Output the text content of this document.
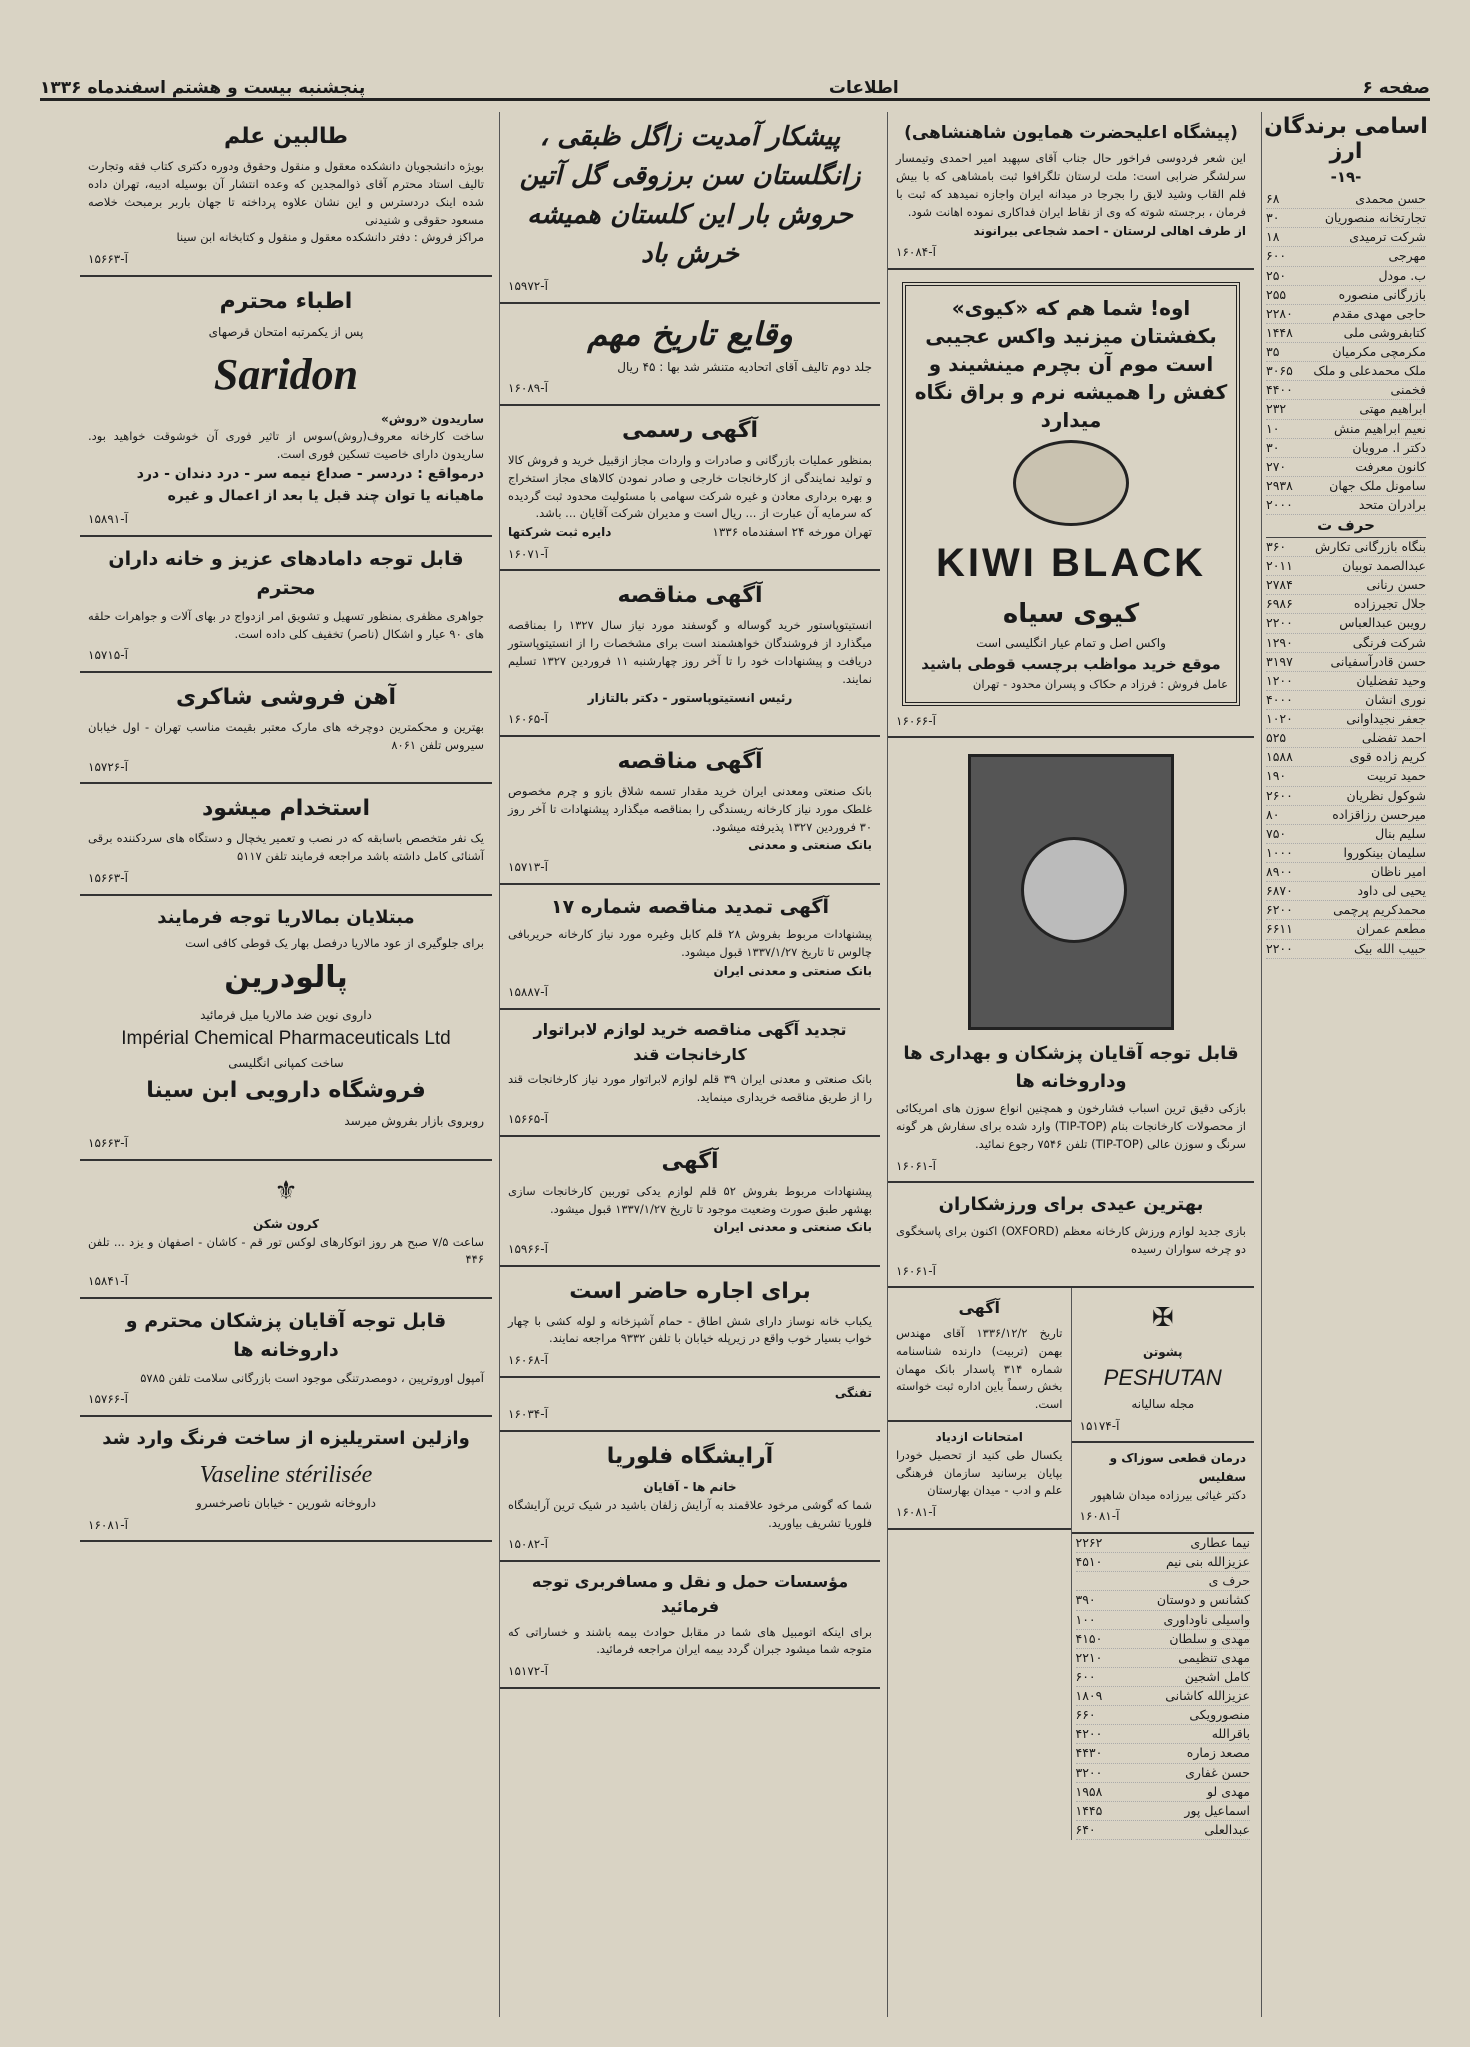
صفحه ۶
اطلاعات
پنجشنبه بیست و هشتم اسفندماه ۱۳۳۶
اسامی برندگان ارز
-۱۹-
حسن محمدی
۶۸
تجارتخانه منصوریان
۳۰
شرکت ترمیدی
۱۸
مهرجی
۶۰۰
ب. مودل
۲۵۰
بازرگانی منصوره
۲۵۵
حاجی مهدی مقدم
۲۲۸۰
کتابفروشی ملی
۱۴۴۸
مکرمچی مکرمیان
۳۵
ملک محمدعلی و ملک
۳۰۶۵
فخمنی
۴۴۰۰
ابراهیم مهتی
۲۳۲
نعیم ابراهیم منش
۱۰
دکتر ا. مرویان
۳۰
کانون معرفت
۲۷۰
سامونل ملک جهان
۲۹۳۸
برادران متحد
۲۰۰۰
حرف ت
بنگاه بازرگانی تکارش
۳۶۰
عبدالصمد توبیان
۲۰۱۱
حسن رنانی
۲۷۸۴
جلال تجیرزاده
۶۹۸۶
رویبن عبدالعباس
۲۲۰۰
شرکت فرنگی
۱۲۹۰
حسن قادرآسفیانی
۳۱۹۷
وحید تفضلیان
۱۲۰۰
نوری انشان
۴۰۰۰
جعفر نجیداوانی
۱۰۲۰
احمد تفضلی
۵۲۵
کریم زاده قوی
۱۵۸۸
حمید تربیت
۱۹۰
شوکول نظریان
۲۶۰۰
میرحسن رزاقزاده
۸۰
سلیم بنال
۷۵۰
سلیمان بینکوروا
۱۰۰۰
امیر ناظان
۸۹۰۰
یحیی لی داود
۶۸۷۰
محمدکریم پرچمی
۶۲۰۰
مطعم عمران
۶۶۱۱
حبیب الله بیک
۲۲۰۰
(پیشگاه اعلیحضرت همایون شاهنشاهی)
این شعر فردوسی فراخور حال جناب آقای سپهبد امیر احمدی وتیمسار سرلشگر ضرابی است: ملت لرستان تلگرافوا ثبت بامشاهی که با بیش فلم القاب وشید لایق را بجرجا در میدانه ایران واجازه نمیدهد که ثبت با فرمان ، برجسته شوته که وی از نقاط ایران فداکاری نموده اهانت شود.
از طرف اهالی لرستان - احمد شجاعی بیرانوند
آ-۱۶۰۸۴
اوه! شما هم که «کیوی» بکفشتان میزنید واکس عجیبی است موم آن بچرم مینشیند و کفش را همیشه نرم و براق نگاه میدارد
KIWI BLACK
کیوی سیاه
واکس اصل و تمام عیار انگلیسی است
موقع خرید مواظب برچسب قوطی باشید
عامل فروش : فرزاد م حکاک و پسران محدود - تهران
آ-۱۶۰۶۶
قابل توجه آقایان پزشکان و بهداری ها وداروخانه ها
بازکی دقیق ترین اسباب فشارخون و همچنین انواع سوزن های امریکائی از محصولات کارخانجات بنام (TIP-TOP) وارد شده برای سفارش هر گونه سرنگ و سوزن عالی (TIP-TOP) تلفن ۷۵۴۶ رجوع نمائید.
آ-۱۶۰۶۱
بهترین عیدی برای ورزشکاران
بازی جدید لوازم ورزش کارخانه معظم (OXFORD) اکنون برای پاسخگوی دو چرخه سواران رسیده
آ-۱۶۰۶۱
✠
پشوتن
PESHUTAN
مجله سالیانه
آ-۱۵۱۷۴
درمان قطعی سوزاک و سفلیس
دکتر غیاثی بیرزاده میدان شاهپور
آ-۱۶۰۸۱
نیما عطاری
۲۲۶۲
عزیزالله بنی نیم
۴۵۱۰
حرف ی
کشانس و دوستان
۳۹۰
واسیلی ناوداوری
۱۰۰
مهدی و سلطان
۴۱۵۰
مهدی تنظیمی
۲۲۱۰
کامل اشجین
۶۰۰
عزیزالله کاشانی
۱۸۰۹
منصورویکی
۶۶۰
باقرالله
۴۲۰۰
مصعد زماره
۴۴۳۰
حسن غفاری
۳۲۰۰
مهدی لو
۱۹۵۸
اسماعیل پور
۱۴۴۵
عبدالعلی
۶۴۰
آگهی
تاریخ ۱۳۳۶/۱۲/۲ آقای مهندس بهمن (تربیت) دارنده شناسنامه شماره ۳۱۴ پاسدار بانک مهمان بخش رسماً باین اداره ثبت خواسته است.
امتحانات ازدیاد
یکسال طی کنید از تحصیل خودرا بپایان برسانید سازمان فرهنگی علم و ادب - میدان بهارستان
آ-۱۶۰۸۱
پیشکار آمدیت زاگل ظبقی ، زانگلستان سن برزوقی گل آتین حروش بار این کلستان همیشه خرش باد
آ-۱۵۹۷۲
وقایع تاریخ مهم
جلد دوم تالیف آقای اتحادیه متنشر شد بها : ۴۵ ریال
آ-۱۶۰۸۹
آگهی رسمی
بمنظور عملیات بازرگانی و صادرات و واردات مجاز ازقبیل خرید و فروش کالا و تولید نمایندگی از کارخانجات خارجی و صادر نمودن کالاهای مجاز استخراج و بهره برداری معادن و غیره شرکت سهامی با مسئولیت محدود ثبت گردیده که سرمایه آن عبارت از ... ریال است و مدیران شرکت آقایان ... باشد.
تهران مورخه ۲۴ اسفندماه ۱۳۳۶
دایره ثبت شرکتها
آ-۱۶۰۷۱
آگهی مناقصه
انستیتوپاستور خرید گوساله و گوسفند مورد نیاز سال ۱۳۲۷ را بمناقصه میگذارد از فروشندگان خواهشمند است برای مشخصات را از انستیتوپاستور دریافت و پیشنهادات خود را تا آخر روز چهارشنبه ۱۱ فروردین ۱۳۲۷ تسلیم نمایند.
رئیس انستیتوپاستور - دکتر بالتازار
آ-۱۶۰۶۵
آگهی مناقصه
بانک صنعتی ومعدنی ایران خرید مقدار تسمه شلاق بازو و چرم مخصوص غلطک مورد نیاز کارخانه ریسندگی را بمناقصه میگذارد پیشنهادات تا آخر روز ۳۰ فروردین ۱۳۲۷ پذیرفته میشود.
بانک صنعتی و معدنی
آ-۱۵۷۱۳
آگهی تمدید مناقصه شماره ۱۷
پیشنهادات مربوط بفروش ۲۸ قلم کابل وغیره مورد نیاز کارخانه حریربافی چالوس تا تاریخ ۱۳۳۷/۱/۲۷ قبول میشود.
بانک صنعتی و معدنی ایران
آ-۱۵۸۸۷
تجدید آگهی مناقصه خرید لوازم لابراتوار کارخانجات قند
بانک صنعتی و معدنی ایران ۳۹ قلم لوازم لابراتوار مورد نیاز کارخانجات قند را از طریق مناقصه خریداری مینماید.
آ-۱۵۶۶۵
آگهی
پیشنهادات مربوط بفروش ۵۲ قلم لوازم یدکی توربین کارخانجات سازی بهشهر طبق صورت وضعیت موجود تا تاریخ ۱۳۳۷/۱/۲۷ قبول میشود.
بانک صنعتی و معدنی ایران
آ-۱۵۹۶۶
برای اجاره حاضر است
یکباب خانه نوساز دارای شش اطاق - حمام آشپزخانه و لوله کشی با چهار خواب بسیار خوب واقع در زیرپله خیابان با تلفن ۹۳۳۲ مراجعه نمایند.
آ-۱۶۰۶۸
تفنگی
آ-۱۶۰۳۴
آرایشگاه فلوریا
خانم ها - آقایان
شما که گوشی مرخود علاقمند به آرایش زلفان باشید در شیک ترین آرایشگاه فلوریا تشریف بیاورید.
آ-۱۵۰۸۲
مؤسسات حمل و نقل و مسافربری توجه فرمائید
برای اینکه اتومبیل های شما در مقابل حوادث بیمه باشند و خساراتی که متوجه شما میشود جبران گردد بیمه ایران مراجعه فرمائید.
آ-۱۵۱۷۲
طالبین علم
بویژه دانشجویان دانشکده معقول و منقول وحقوق ودوره دکتری کتاب فقه وتجارت تالیف استاد محترم آقای ذوالمجدین که وعده انتشار آن بوسیله ادیبه، تهران داده شده اینک دردسترس و این نشان علاوه پرداخته تا جهان باربر برمبحث خلاصه مسعود حقوقی و شنیدنی
مراکز فروش : دفتر دانشکده معقول و منقول و کتابخانه ابن سینا
آ-۱۵۶۶۳
اطباء محترم
پس از یکمرتبه امتحان قرصهای
Saridon
ساریدون «روش»
ساخت کارخانه معروف(روش)سوس از تاثیر فوری آن خوشوقت خواهید بود. ساریدون دارای خاصیت تسکین فوری است.
درمواقع : دردسر - صداع نیمه سر - درد دندان - درد ماهیانه یا توان چند قبل یا بعد از اعمال و غیره
آ-۱۵۸۹۱
قابل توجه دامادهای عزیز و خانه داران محترم
جواهری مظفری بمنظور تسهیل و تشویق امر ازدواج در بهای آلات و جواهرات حلقه های ۹۰ عیار و اشکال (ناصر) تخفیف کلی داده است.
آ-۱۵۷۱۵
آهن فروشی شاکری
بهترین و محکمترین دوچرخه های مارک معتبر بقیمت مناسب تهران - اول خیابان سیروس تلفن ۸۰۶۱
آ-۱۵۷۲۶
استخدام میشود
یک نفر متخصص باسابقه که در نصب و تعمیر یخچال و دستگاه های سردکننده برقی آشنائی کامل داشته باشد مراجعه فرمایند تلفن ۵۱۱۷
آ-۱۵۶۶۳
مبتلایان بمالاریا توجه فرمایند
برای جلوگیری از عود مالاریا درفصل بهار یک قوطی کافی است
پالودرین
داروی نوین ضد مالاریا میل فرمائید
Impérial Chemical Pharmaceuticals Ltd
ساخت کمپانی انگلیسی
فروشگاه دارویی ابن سینا
روبروی بازار بفروش میرسد
آ-۱۵۶۶۳
⚜
کرون شکن
ساعت ۷/۵ صبح هر روز اتوکارهای لوکس تور قم - کاشان - اصفهان و یزد ... تلفن ۴۴۶
آ-۱۵۸۴۱
قابل توجه آقایان پزشکان محترم و داروخانه ها
آمپول اوروترپین ، دومصدرتنگی موجود است بازرگانی سلامت تلفن ۵۷۸۵
آ-۱۵۷۶۶
وازلین استریلیزه از ساخت فرنگ وارد شد
Vaseline stérilisée
داروخانه شورین - خیابان ناصرخسرو
آ-۱۶۰۸۱
